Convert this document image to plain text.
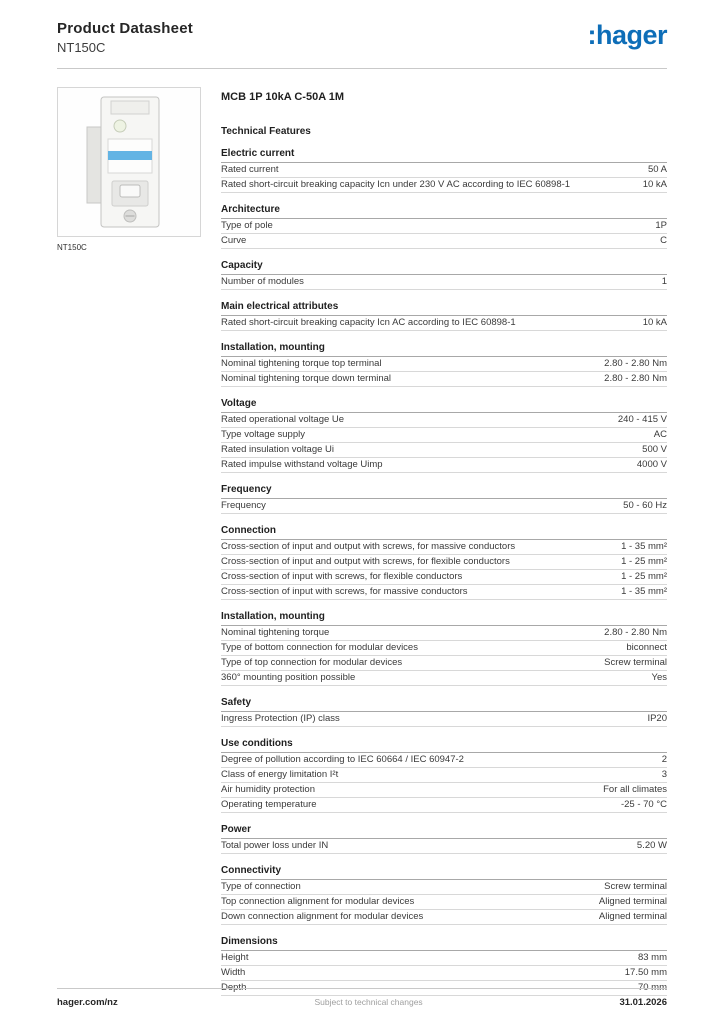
Product Datasheet
NT150C	:hager
NT150C
MCB 1P 10kA C-50A 1M
Technical Features
Electric current
Rated current	50 A
Rated short-circuit breaking capacity Icn under 230 V AC according to IEC 60898-1	10 kA
Architecture
Type of pole	1P
Curve	C
Capacity
Number of modules	1
Main electrical attributes
Rated short-circuit breaking capacity Icn AC according to IEC 60898-1	10 kA
Installation, mounting
Nominal tightening torque top terminal	2.80 - 2.80 Nm
Nominal tightening torque down terminal	2.80 - 2.80 Nm
Voltage
Rated operational voltage Ue	240 - 415 V
Type voltage supply	AC
Rated insulation voltage Ui	500 V
Rated impulse withstand voltage Uimp	4000 V
Frequency
Frequency	50 - 60 Hz
Connection
Cross-section of input and output with screws, for massive conductors	1 - 35 mm²
Cross-section of input and output with screws, for flexible conductors	1 - 25 mm²
Cross-section of input with screws, for flexible conductors	1 - 25 mm²
Cross-section of input with screws, for massive conductors	1 - 35 mm²
Installation, mounting
Nominal tightening torque	2.80 - 2.80 Nm
Type of bottom connection for modular devices	biconnect
Type of top connection for modular devices	Screw terminal
360° mounting position possible	Yes
Safety
Ingress Protection (IP) class	IP20
Use conditions
Degree of pollution according to IEC 60664 / IEC 60947-2	2
Class of energy limitation I²t	3
Air humidity protection	For all climates
Operating temperature	-25 - 70 °C
Power
Total power loss under IN	5.20 W
Connectivity
Type of connection	Screw terminal
Top connection alignment for modular devices	Aligned terminal
Down connection alignment for modular devices	Aligned terminal
Dimensions
Height	83 mm
Width	17.50 mm
Depth	70 mm
hager.com/nz	Subject to technical changes	31.01.2026
